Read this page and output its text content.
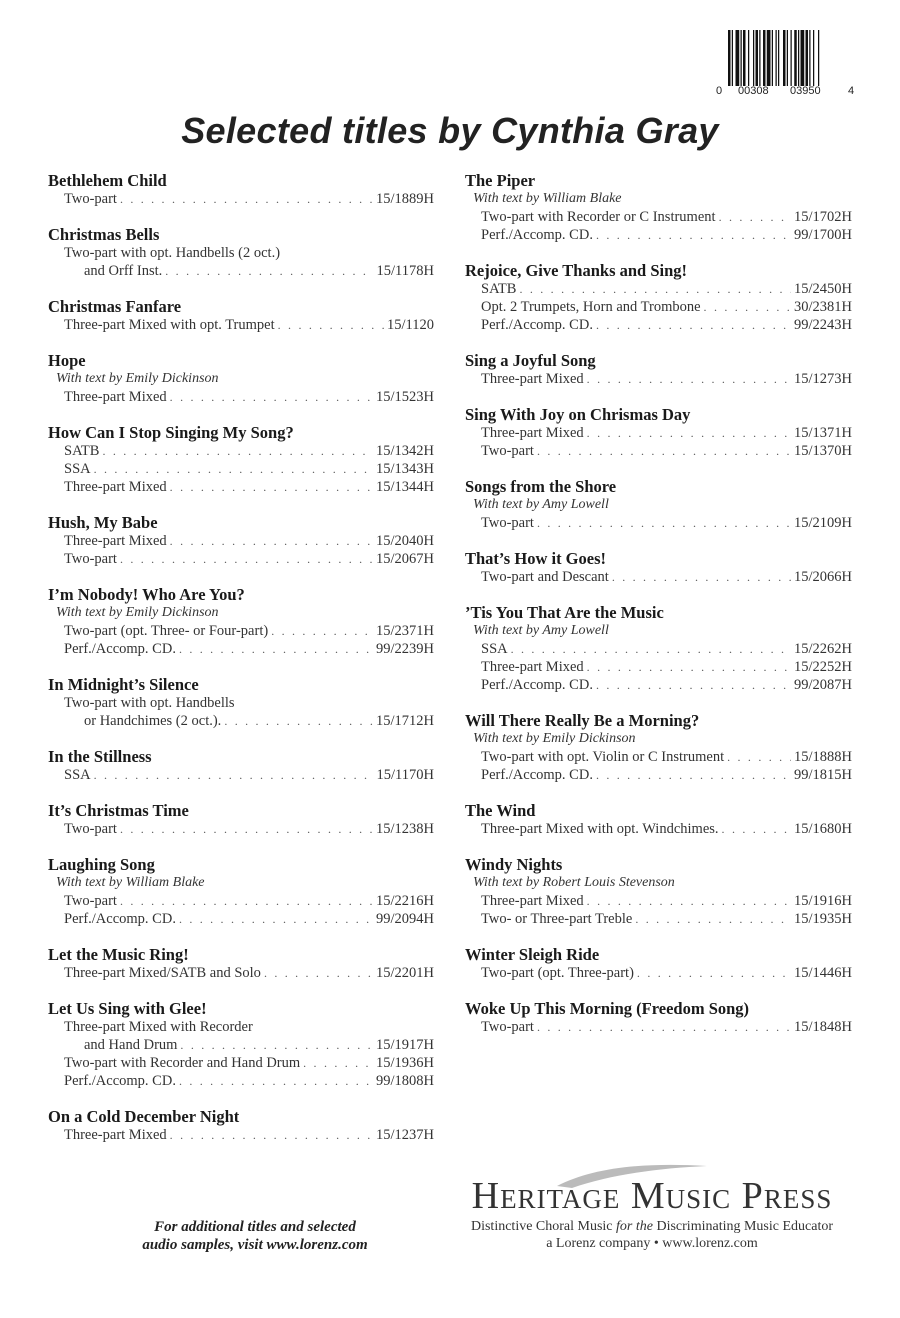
0 00308 03950 4
Selected titles by Cynthia Gray
Bethlehem Child
Two-part . . .	15/1889H
Christmas Bells
Two-part with opt. Handbells (2 oct.)
and Orff Inst. . . .	15/1178H
Christmas Fanfare
Three-part Mixed with opt. Trumpet . . .	15/1120
Hope
With text by Emily Dickinson
Three-part Mixed . . .	15/1523H
How Can I Stop Singing My Song?
SATB . . .	15/1342H
SSA . . .	15/1343H
Three-part Mixed . . .	15/1344H
Hush, My Babe
Three-part Mixed . . .	15/2040H
Two-part . . .	15/2067H
I’m Nobody! Who Are You?
With text by Emily Dickinson
Two-part (opt. Three- or Four-part) . . .	15/2371H
Perf./Accomp. CD. . . .	99/2239H
In Midnight’s Silence
Two-part with opt. Handbells
or Handchimes (2 oct.). . . .	15/1712H
In the Stillness
SSA . . .	15/1170H
It’s Christmas Time
Two-part . . .	15/1238H
Laughing Song
With text by William Blake
Two-part . . .	15/2216H
Perf./Accomp. CD. . . .	99/2094H
Let the Music Ring!
Three-part Mixed/SATB and Solo . . .	15/2201H
Let Us Sing with Glee!
Three-part Mixed with Recorder
and Hand Drum . . .	15/1917H
Two-part with Recorder and Hand Drum . . .	15/1936H
Perf./Accomp. CD. . . .	99/1808H
On a Cold December Night
Three-part Mixed . . .	15/1237H
The Piper
With text by William Blake
Two-part with Recorder or C Instrument . . .	15/1702H
Perf./Accomp. CD. . . .	99/1700H
Rejoice, Give Thanks and Sing!
SATB . . .	15/2450H
Opt. 2 Trumpets, Horn and Trombone . . .	30/2381H
Perf./Accomp. CD. . . .	99/2243H
Sing a Joyful Song
Three-part Mixed . . .	15/1273H
Sing With Joy on Chrismas Day
Three-part Mixed . . .	15/1371H
Two-part . . .	15/1370H
Songs from the Shore
With text by Amy Lowell
Two-part . . .	15/2109H
That’s How it Goes!
Two-part and Descant . . .	15/2066H
’Tis You That Are the Music
With text by Amy Lowell
SSA . . .	15/2262H
Three-part Mixed . . .	15/2252H
Perf./Accomp. CD. . . .	99/2087H
Will There Really Be a Morning?
With text by Emily Dickinson
Two-part with opt. Violin or C Instrument . . .	15/1888H
Perf./Accomp. CD. . . .	99/1815H
The Wind
Three-part Mixed with opt. Windchimes. . . .	15/1680H
Windy Nights
With text by Robert Louis Stevenson
Three-part Mixed . . .	15/1916H
Two- or Three-part Treble . . .	15/1935H
Winter Sleigh Ride
Two-part (opt. Three-part) . . .	15/1446H
Woke Up This Morning (Freedom Song)
Two-part . . .	15/1848H
For additional titles and selected
audio samples, visit www.lorenz.com
Heritage Music Press
Distinctive Choral Music for the Discriminating Music Educator
a Lorenz company • www.lorenz.com
